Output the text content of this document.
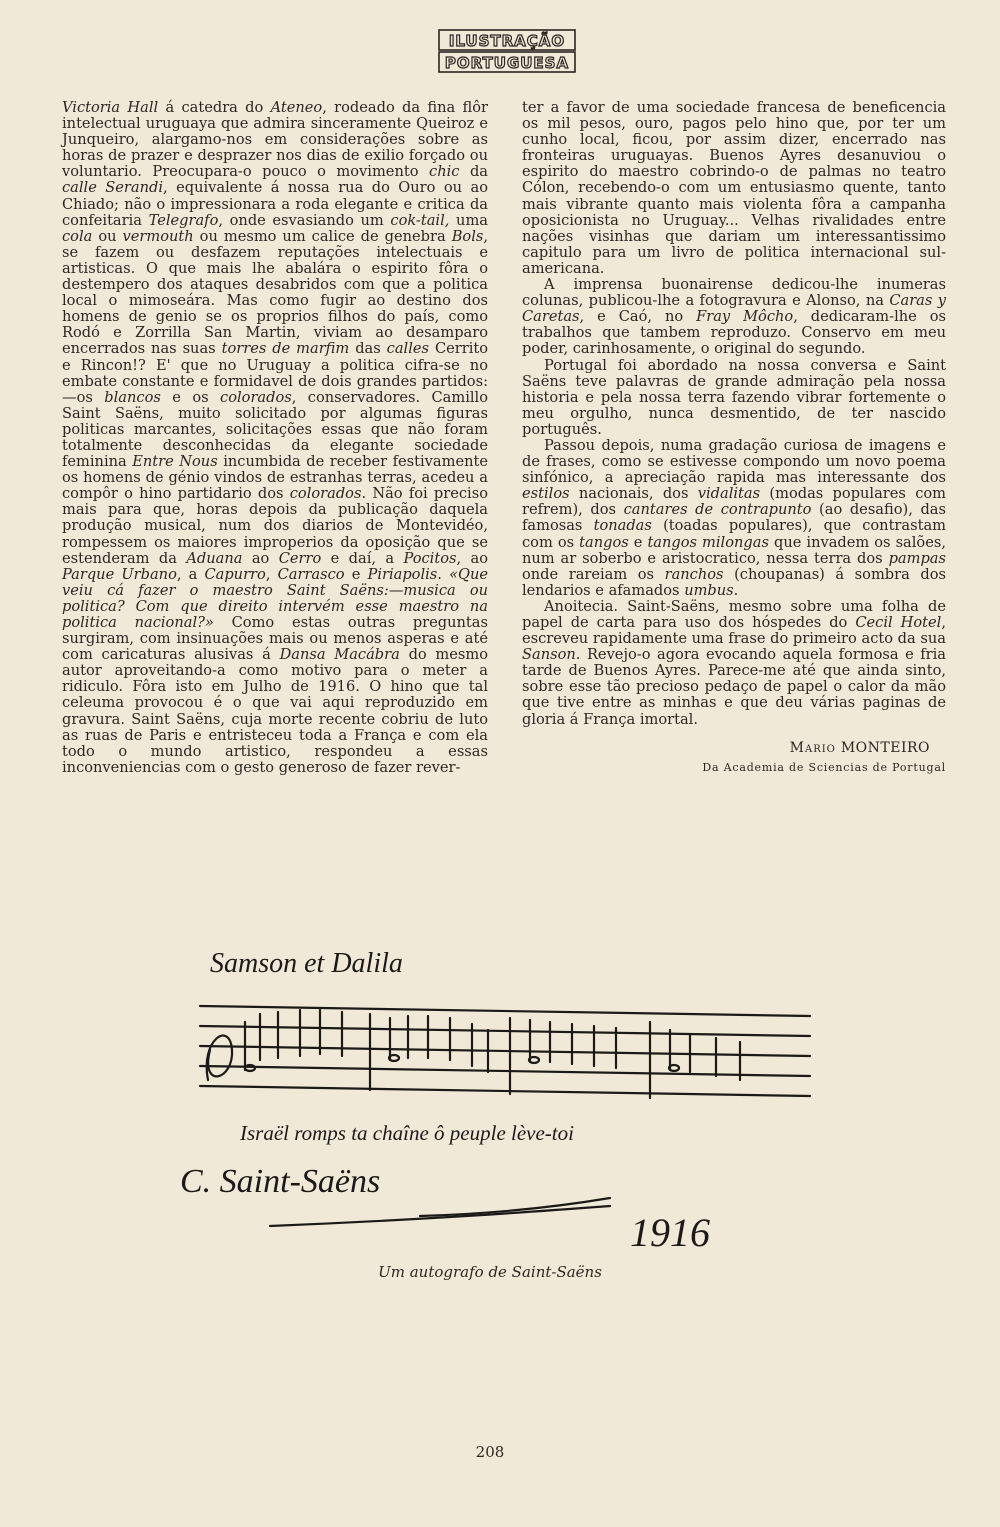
ILUSTRAÇÃO
PORTUGUESA

Victoria Hall á catedra do Ateneo, rodeado da fina flôr intelectual uruguaya que admira sinceramente Queiroz e Junqueiro, alargamo-nos em considerações sobre as horas de prazer e desprazer nos dias de exilio forçado ou voluntario. Preocupara-o pouco o movimento chic da calle Serandi, equivalente á nossa rua do Ouro ou ao Chiado; não o impressionara a roda elegante e critica da confeitaria Telegrafo, onde esvasiando um cok-tail, uma cola ou vermouth ou mesmo um calice de genebra Bols, se fazem ou desfazem reputações intelectuais e artisticas. O que mais lhe abalára o espirito fôra o destempero dos ataques desabridos com que a politica local o mimoseára. Mas como fugir ao destino dos homens de genio se os proprios filhos do país, como Rodó e Zorrilla San Martin, viviam ao desamparo encerrados nas suas torres de marfim das calles Cerrito e Rincon!? E' que no Uruguay a politica cifra-se no embate constante e formidavel de dois grandes partidos:—os blancos e os colorados, conservadores. Camillo Saint Saëns, muito solicitado por algumas figuras politicas marcantes, solicitações essas que não foram totalmente desconhecidas da elegante sociedade feminina Entre Nous incumbida de receber festivamente os homens de génio vindos de estranhas terras, acedeu a compôr o hino partidario dos colorados. Não foi preciso mais para que, horas depois da publicação daquela produção musical, num dos diarios de Montevidéo, rompessem os maiores improperios da oposição que se estenderam da Aduana ao Cerro e daí, a Pocitos, ao Parque Urbano, a Capurro, Carrasco e Piriapolis. «Que veiu cá fazer o maestro Saint Saëns:—musica ou politica? Com que direito intervém esse maestro na politica nacional?» Como estas outras preguntas surgiram, com insinuações mais ou menos asperas e até com caricaturas alusivas á Dansa Macábra do mesmo autor aproveitando-a como motivo para o meter a ridiculo. Fôra isto em Julho de 1916. O hino que tal celeuma provocou é o que vai aqui reproduzido em gravura. Saint Saëns, cuja morte recente cobriu de luto as ruas de Paris e entristeceu toda a França e com ela todo o mundo artistico, respondeu a essas inconveniencias com o gesto generoso de fazer rever-

ter a favor de uma sociedade francesa de beneficencia os mil pesos, ouro, pagos pelo hino que, por ter um cunho local, ficou, por assim dizer, encerrado nas fronteiras uruguayas. Buenos Ayres desanuviou o espirito do maestro cobrindo-o de palmas no teatro Cólon, recebendo-o com um entusiasmo quente, tanto mais vibrante quanto mais violenta fôra a campanha oposicionista no Uruguay... Velhas rivalidades entre nações visinhas que dariam um interessantissimo capitulo para um livro de politica internacional sul-americana.

A imprensa buonairense dedicou-lhe inumeras colunas, publicou-lhe a fotogravura e Alonso, na Caras y Caretas, e Caó, no Fray Môcho, dedicaram-lhe os trabalhos que tambem reproduzo. Conservo em meu poder, carinhosamente, o original do segundo.

Portugal foi abordado na nossa conversa e Saint Saëns teve palavras de grande admiração pela nossa historia e pela nossa terra fazendo vibrar fortemente o meu orgulho, nunca desmentido, de ter nascido português.

Passou depois, numa gradação curiosa de imagens e de frases, como se estivesse compondo um novo poema sinfónico, a apreciação rapida mas interessante dos estilos nacionais, dos vidalitas (modas populares com refrem), dos cantares de contrapunto (ao desafio), das famosas tonadas (toadas populares), que contrastam com os tangos e tangos milongas que invadem os salões, num ar soberbo e aristocratico, nessa terra dos pampas onde rareiam os ranchos (choupanas) á sombra dos lendarios e afamados umbus.

Anoitecia. Saint-Saëns, mesmo sobre uma folha de papel de carta para uso dos hóspedes do Cecil Hotel, escreveu rapidamente uma frase do primeiro acto da sua Sanson. Revejo-o agora evocando aquela formosa e fria tarde de Buenos Ayres. Parece-me até que ainda sinto, sobre esse tão precioso pedaço de papel o calor da mão que tive entre as minhas e que deu várias paginas de gloria á França imortal.

Mario MONTEIRO
Da Academia de Sciencias de Portugal
Samson et Dalila
Israël romps ta chaîne ô peuple lève-toi
C. Saint-Saëns
1916
Um autografo de Saint-Saëns
208
